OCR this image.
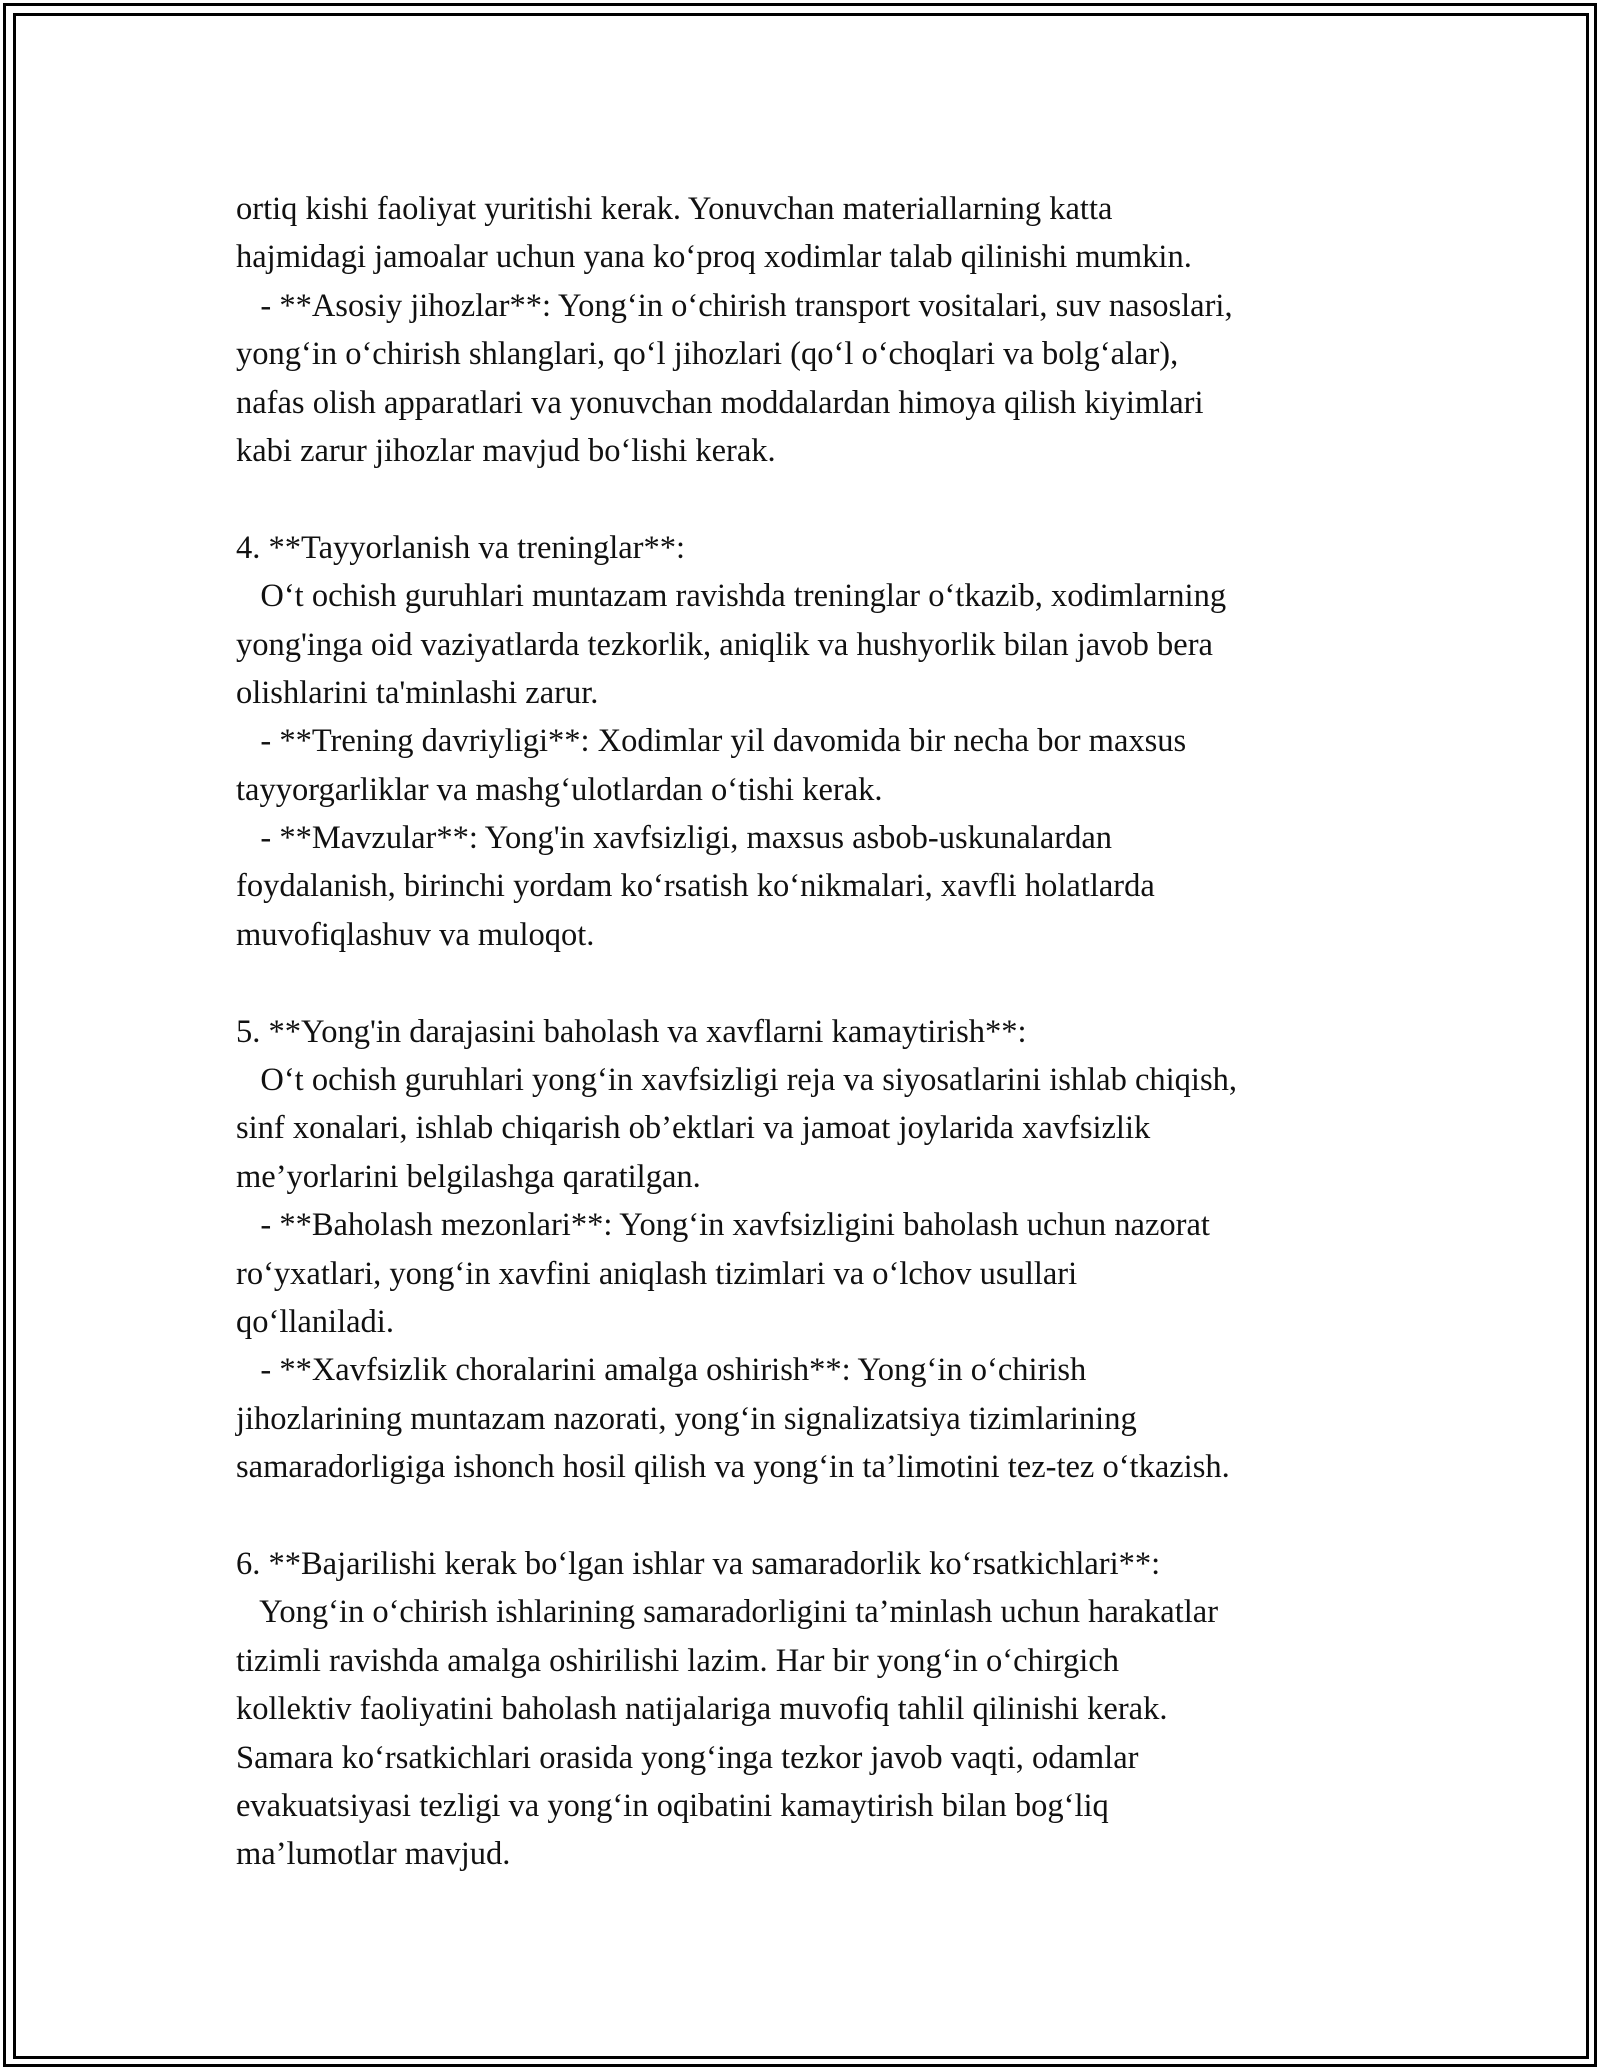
ortiq kishi faoliyat yuritishi kerak. Yonuvchan materiallarning katta
hajmidagi jamoalar uchun yana ko‘proq xodimlar talab qilinishi mumkin.
- **Asosiy jihozlar**: Yong‘in o‘chirish transport vositalari, suv nasoslari,
yong‘in o‘chirish shlanglari, qo‘l jihozlari (qo‘l o‘choqlari va bolg‘alar),
nafas olish apparatlari va yonuvchan moddalardan himoya qilish kiyimlari
kabi zarur jihozlar mavjud bo‘lishi kerak.
4. **Tayyorlanish va treninglar**:
O‘t ochish guruhlari muntazam ravishda treninglar o‘tkazib, xodimlarning
yong'inga oid vaziyatlarda tezkorlik, aniqlik va hushyorlik bilan javob bera
olishlarini ta'minlashi zarur.
- **Trening davriyligi**: Xodimlar yil davomida bir necha bor maxsus
tayyorgarliklar va mashg‘ulotlardan o‘tishi kerak.
- **Mavzular**: Yong'in xavfsizligi, maxsus asbob-uskunalardan
foydalanish, birinchi yordam ko‘rsatish ko‘nikmalari, xavfli holatlarda
muvofiqlashuv va muloqot.
5. **Yong'in darajasini baholash va xavflarni kamaytirish**:
O‘t ochish guruhlari yong‘in xavfsizligi reja va siyosatlarini ishlab chiqish,
sinf xonalari, ishlab chiqarish ob’ektlari va jamoat joylarida xavfsizlik
me’yorlarini belgilashga qaratilgan.
- **Baholash mezonlari**: Yong‘in xavfsizligini baholash uchun nazorat
ro‘yxatlari, yong‘in xavfini aniqlash tizimlari va o‘lchov usullari
qo‘llaniladi.
- **Xavfsizlik choralarini amalga oshirish**: Yong‘in o‘chirish
jihozlarining muntazam nazorati, yong‘in signalizatsiya tizimlarining
samaradorligiga ishonch hosil qilish va yong‘in ta’limotini tez-tez o‘tkazish.
6. **Bajarilishi kerak bo‘lgan ishlar va samaradorlik ko‘rsatkichlari**:
Yong‘in o‘chirish ishlarining samaradorligini ta’minlash uchun harakatlar
tizimli ravishda amalga oshirilishi lazim. Har bir yong‘in o‘chirgich
kollektiv faoliyatini baholash natijalariga muvofiq tahlil qilinishi kerak.
Samara ko‘rsatkichlari orasida yong‘inga tezkor javob vaqti, odamlar
evakuatsiyasi tezligi va yong‘in oqibatini kamaytirish bilan bog‘liq
ma’lumotlar mavjud.
